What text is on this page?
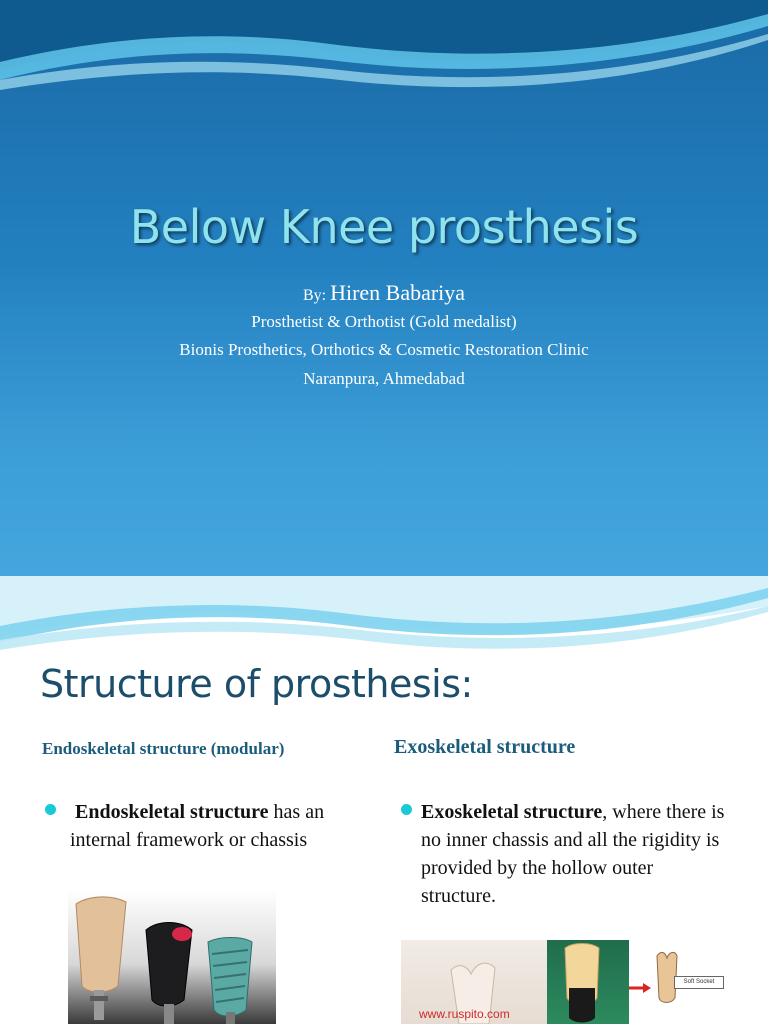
Below Knee prosthesis
By: Hiren Babariya
Prosthetist & Orthotist (Gold medalist)
Bionis Prosthetics, Orthotics & Cosmetic Restoration Clinic
Naranpura, Ahmedabad
Structure of prosthesis:
Endoskeletal structure (modular)	Exoskeletal structure
Endoskeletal structure has an internal framework or chassis
Exoskeletal structure, where there is no inner chassis and all the rigidity is provided by the hollow outer structure.
www.ruspito.com
Soft Socket
